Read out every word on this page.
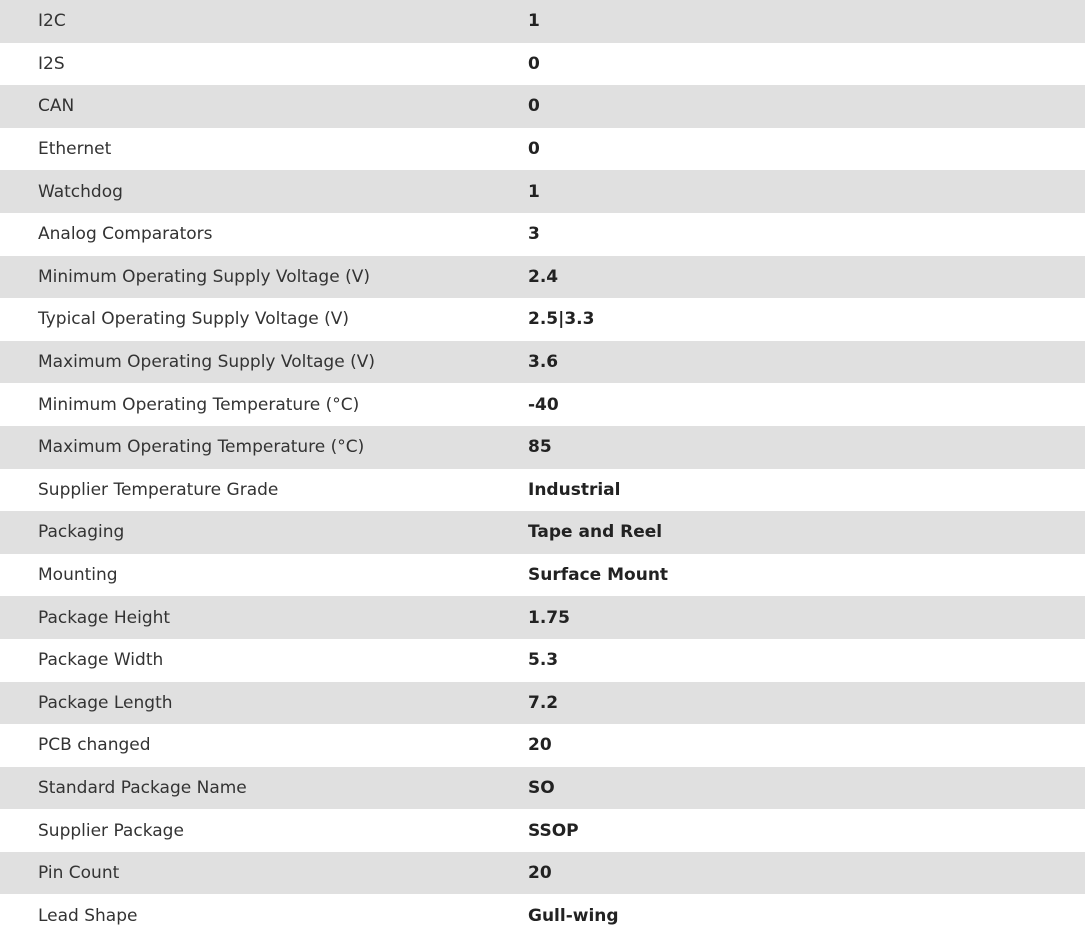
I2C	1
I2S	0
CAN	0
Ethernet	0
Watchdog	1
Analog Comparators	3
Minimum Operating Supply Voltage (V)	2.4
Typical Operating Supply Voltage (V)	2.5|3.3
Maximum Operating Supply Voltage (V)	3.6
Minimum Operating Temperature (°C)	-40
Maximum Operating Temperature (°C)	85
Supplier Temperature Grade	Industrial
Packaging	Tape and Reel
Mounting	Surface Mount
Package Height	1.75
Package Width	5.3
Package Length	7.2
PCB changed	20
Standard Package Name	SO
Supplier Package	SSOP
Pin Count	20
Lead Shape	Gull-wing
